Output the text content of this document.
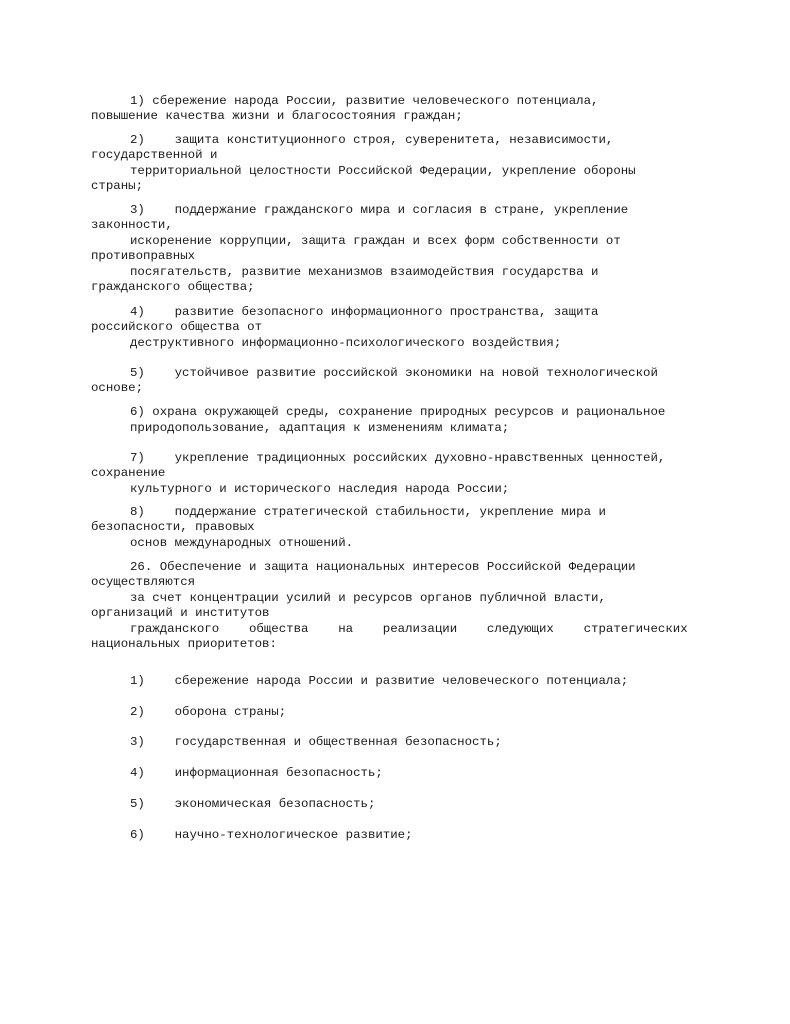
1) сбережение народа России, развитие человеческого потенциала,
повышение качества жизни и благосостояния граждан;
2)    защита конституционного строя, суверенитета, независимости,
государственной и
территориальной целостности Российской Федерации, укрепление обороны
страны;
3)    поддержание гражданского мира и согласия в стране, укрепление
законности,
искоренение коррупции, защита граждан и всех форм собственности от
противоправных
посягательств, развитие механизмов взаимодействия государства и
гражданского общества;
4)    развитие безопасного информационного пространства, защита
российского общества от
деструктивного информационно-психологического воздействия;
5)    устойчивое развитие российской экономики на новой технологической
основе;
6) охрана окружающей среды, сохранение природных ресурсов и рациональное
природопользование, адаптация к изменениям климата;
7)    укрепление традиционных российских духовно-нравственных ценностей,
сохранение
культурного и исторического наследия народа России;
8)    поддержание стратегической стабильности, укрепление мира и
безопасности, правовых
основ международных отношений.
26. Обеспечение и защита национальных интересов Российской Федерации
осуществляются
за счет концентрации усилий и ресурсов органов публичной власти,
организаций и институтов
гражданского    общества    на    реализации    следующих    стратегических
национальных приоритетов:
1)    сбережение народа России и развитие человеческого потенциала;
2)    оборона страны;
3)    государственная и общественная безопасность;
4)    информационная безопасность;
5)    экономическая безопасность;
6)    научно-технологическое развитие;
